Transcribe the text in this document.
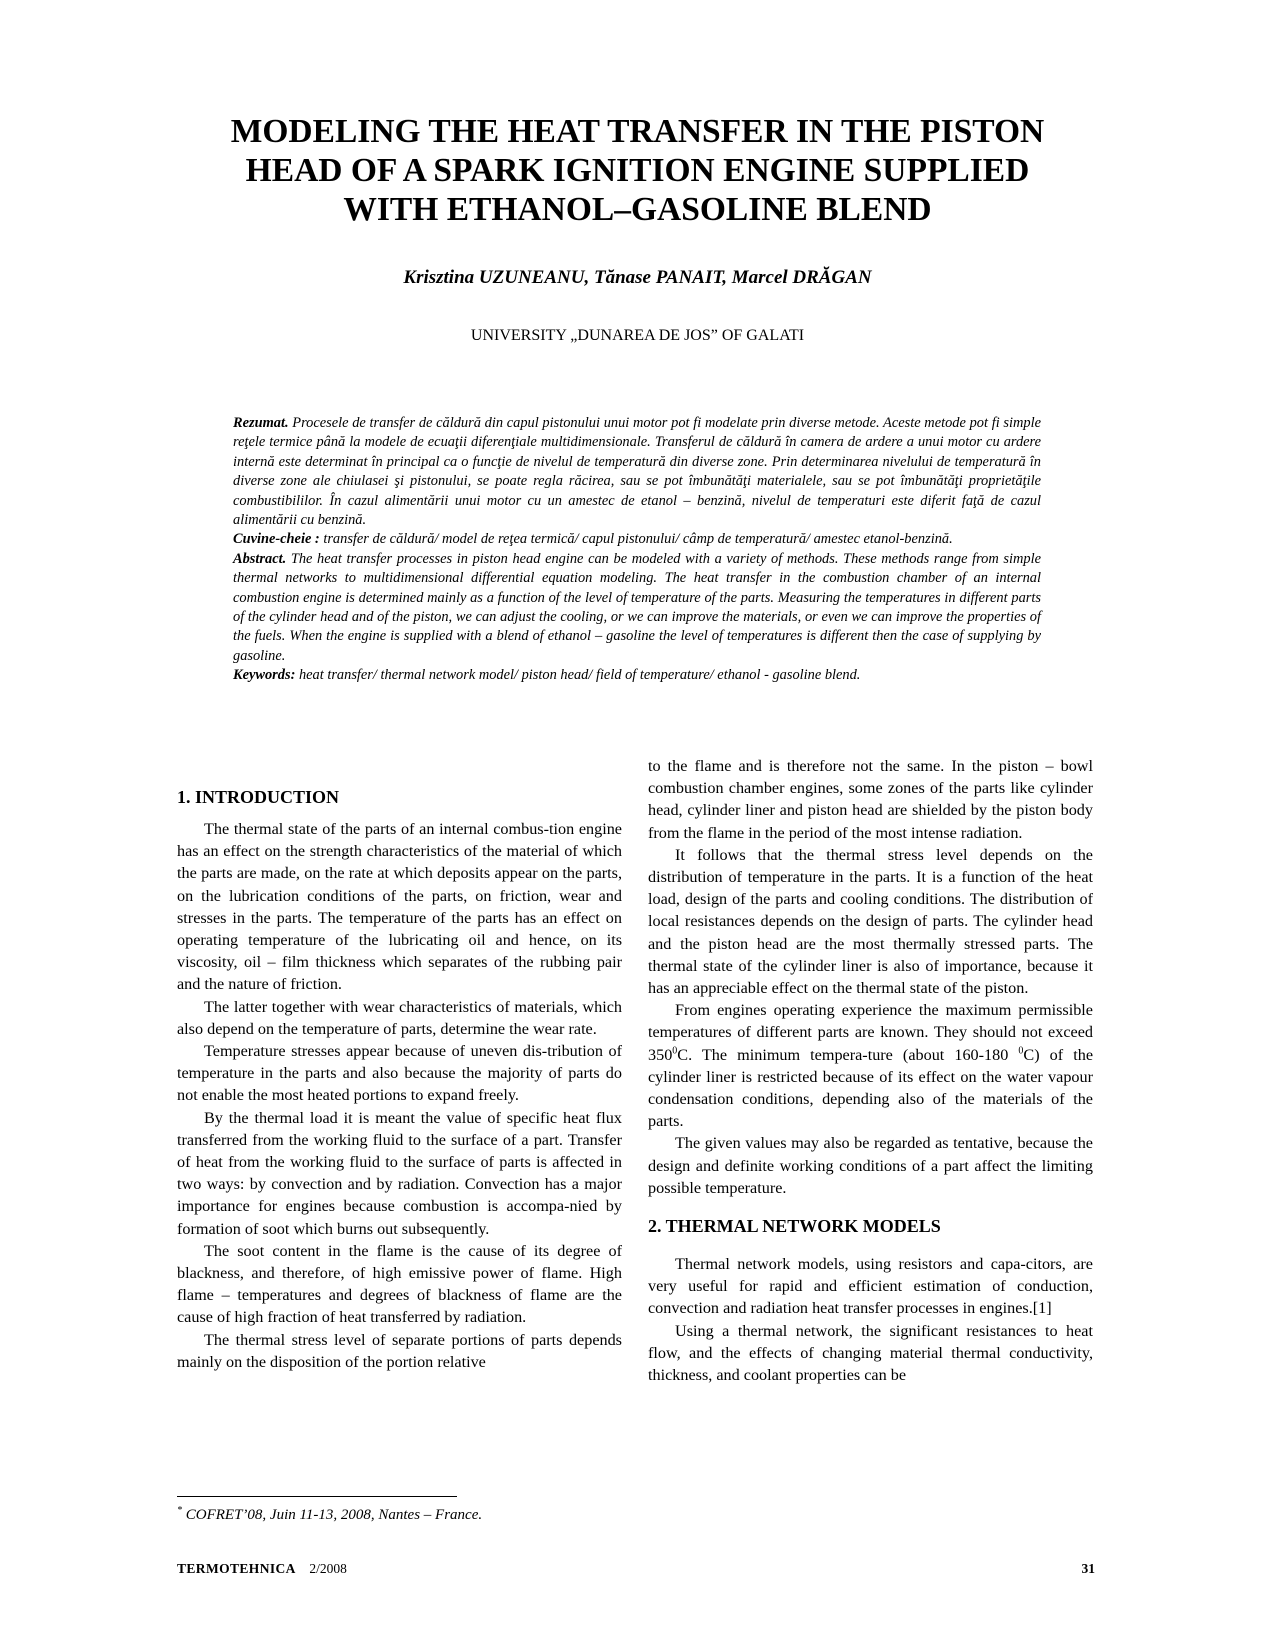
MODELING THE HEAT TRANSFER IN THE PISTON
HEAD OF A SPARK IGNITION ENGINE SUPPLIED
WITH ETHANOL–GASOLINE BLEND

Krisztina UZUNEANU, Tănase PANAIT, Marcel DRĂGAN

UNIVERSITY „DUNAREA DE JOS” OF GALATI

Rezumat. Procesele de transfer de căldură din capul pistonului unui motor pot fi modelate prin diverse metode. Aceste metode pot fi simple reţele termice până la modele de ecuaţii diferenţiale multidimensionale. Transferul de căldură în camera de ardere a unui motor cu ardere internă este determinat în principal ca o funcţie de nivelul de temperatură din diverse zone. Prin determinarea nivelului de temperatură în diverse zone ale chiulasei şi pistonului, se poate regla răcirea, sau se pot îmbunătăţi materialele, sau se pot îmbunătăţi proprietăţile combustibililor. În cazul alimentării unui motor cu un amestec de etanol – benzină, nivelul de temperaturi este diferit faţă de cazul alimentării cu benzină.

Cuvine-cheie : transfer de căldură/ model de reţea termică/ capul pistonului/ câmp de temperatură/ amestec etanol-benzină.

Abstract. The heat transfer processes in piston head engine can be modeled with a variety of methods. These methods range from simple thermal networks to multidimensional differential equation modeling. The heat transfer in the combustion chamber of an internal combustion engine is determined mainly as a function of the level of temperature of the parts. Measuring the temperatures in different parts of the cylinder head and of the piston, we can adjust the cooling, or we can improve the materials, or even we can improve the properties of the fuels. When the engine is supplied with a blend of ethanol – gasoline the level of temperatures is different then the case of supplying by gasoline.

Keywords: heat transfer/ thermal network model/ piston head/ field of temperature/ ethanol - gasoline blend.

1. INTRODUCTION

The thermal state of the parts of an internal combus-tion engine has an effect on the strength characteristics of the material of which the parts are made, on the rate at which deposits appear on the parts, on the lubrication conditions of the parts, on friction, wear and stresses in the parts. The temperature of the parts has an effect on operating temperature of the lubricating oil and hence, on its viscosity, oil – film thickness which separates of the rubbing pair and the nature of friction.

The latter together with wear characteristics of materials, which also depend on the temperature of parts, determine the wear rate.

Temperature stresses appear because of uneven dis-tribution of temperature in the parts and also because the majority of parts do not enable the most heated portions to expand freely.

By the thermal load it is meant the value of specific heat flux transferred from the working fluid to the surface of a part. Transfer of heat from the working fluid to the surface of parts is affected in two ways: by convection and by radiation. Convection has a major importance for engines because combustion is accompa-nied by formation of soot which burns out subsequently.

The soot content in the flame is the cause of its degree of blackness, and therefore, of high emissive power of flame. High flame – temperatures and degrees of blackness of flame are the cause of high fraction of heat transferred by radiation.

The thermal stress level of separate portions of parts depends mainly on the disposition of the portion relative

to the flame and is therefore not the same. In the piston – bowl combustion chamber engines, some zones of the parts like cylinder head, cylinder liner and piston head are shielded by the piston body from the flame in the period of the most intense radiation.

It follows that the thermal stress level depends on the distribution of temperature in the parts. It is a function of the heat load, design of the parts and cooling conditions. The distribution of local resistances depends on the design of parts. The cylinder head and the piston head are the most thermally stressed parts. The thermal state of the cylinder liner is also of importance, because it has an appreciable effect on the thermal state of the piston.

From engines operating experience the maximum permissible temperatures of different parts are known. They should not exceed $350^0C$. The minimum tempera-ture (about 160-180 $^0$C) of the cylinder liner is restricted because of its effect on the water vapour condensation conditions, depending also of the materials of the parts.

The given values may also be regarded as tentative, because the design and definite working conditions of a part affect the limiting possible temperature.

2. THERMAL NETWORK MODELS

Thermal network models, using resistors and capa-citors, are very useful for rapid and efficient estimation of conduction, convection and radiation heat transfer processes in engines.[1]

Using a thermal network, the significant resistances to heat flow, and the effects of changing material thermal conductivity, thickness, and coolant properties can be

* COFRET’08, Juin 11-13, 2008, Nantes – France.
TERMOTEHNICA 2/2008	31
